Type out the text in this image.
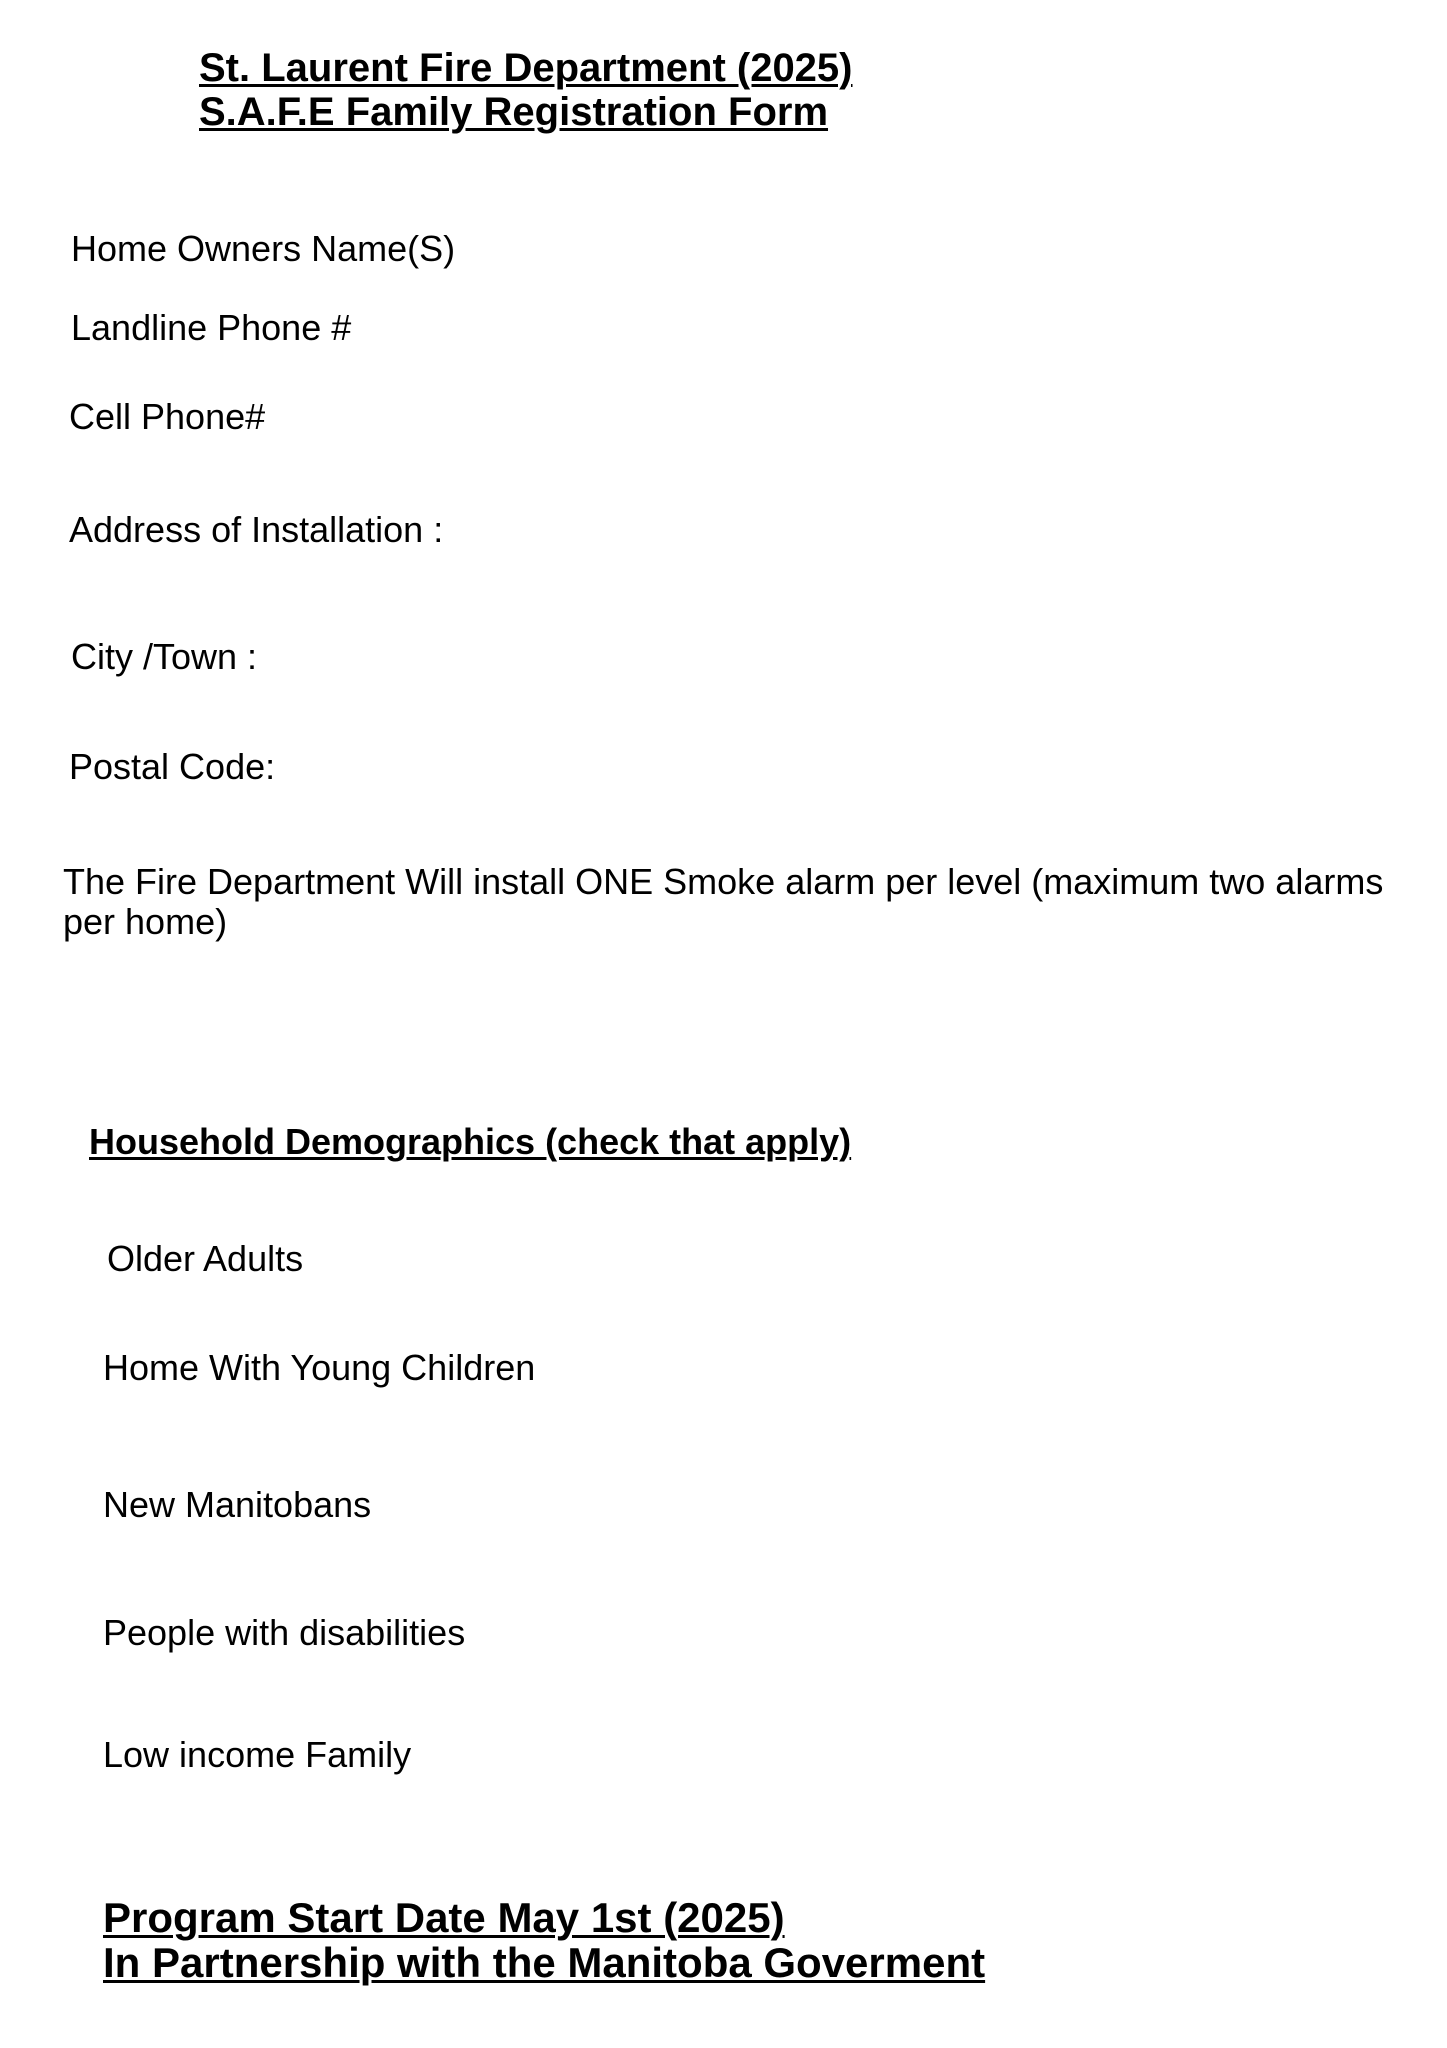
St. Laurent Fire Department (2025)
S.A.F.E Family Registration Form
Home Owners Name(S)
Landline Phone #
Cell Phone#
Address of Installation :
City /Town :
Postal Code:
The Fire Department Will install ONE Smoke alarm per level (maximum two alarms per home)
Household Demographics (check that apply)
Older Adults
Home With Young Children
New Manitobans
People with disabilities
Low income Family
Program Start Date May 1st (2025)
In Partnership with the Manitoba Goverment
